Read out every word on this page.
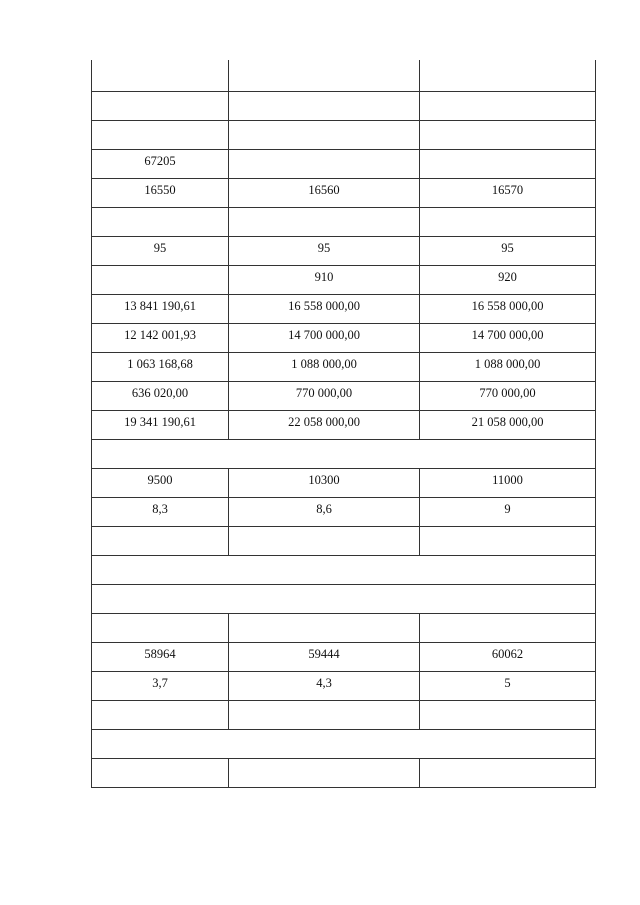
67205		
16550	16560	16570

95	95	95
	910	920
13 841 190,61	16 558 000,00	16 558 000,00
12 142 001,93	14 700 000,00	14 700 000,00
1 063 168,68	1 088 000,00	1 088 000,00
636 020,00	770 000,00	770 000,00
19 341 190,61	22 058 000,00	21 058 000,00

9500	10300	11000
8,3	8,6	9

58964	59444	60062
3,7	4,3	5
